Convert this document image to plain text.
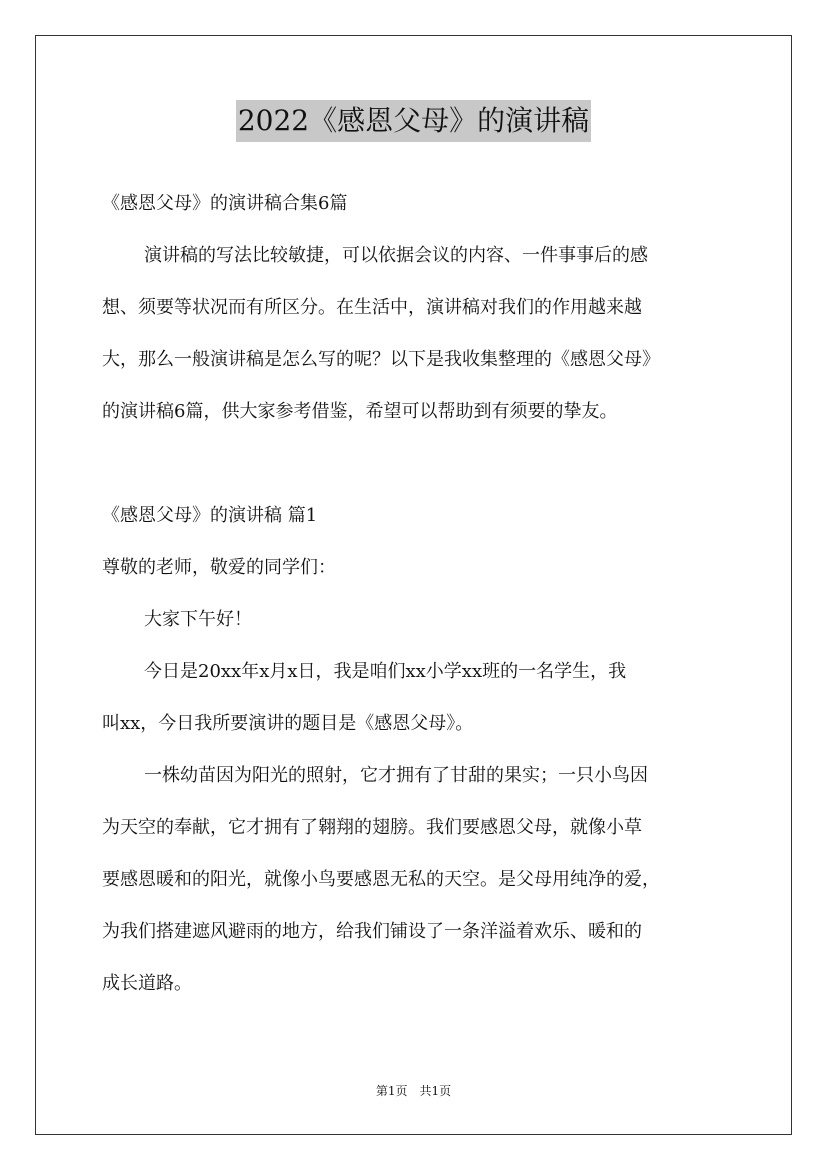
2022《感恩父母》的演讲稿

《感恩父母》的演讲稿合集6篇

演讲稿的写法比较敏捷，可以依据会议的内容、一件事事后的感

想、须要等状况而有所区分。在生活中，演讲稿对我们的作用越来越

大，那么一般演讲稿是怎么写的呢？以下是我收集整理的《感恩父母》

的演讲稿6篇，供大家参考借鉴，希望可以帮助到有须要的挚友。

《感恩父母》的演讲稿 篇1

尊敬的老师，敬爱的同学们：

大家下午好！

今日是20xx年x月x日，我是咱们xx小学xx班的一名学生，我

叫xx，今日我所要演讲的题目是《感恩父母》。

一株幼苗因为阳光的照射，它才拥有了甘甜的果实；一只小鸟因

为天空的奉献，它才拥有了翱翔的翅膀。我们要感恩父母，就像小草

要感恩暖和的阳光，就像小鸟要感恩无私的天空。是父母用纯净的爱，

为我们搭建遮风避雨的地方，给我们铺设了一条洋溢着欢乐、暖和的

成长道路。

第1页　共1页
